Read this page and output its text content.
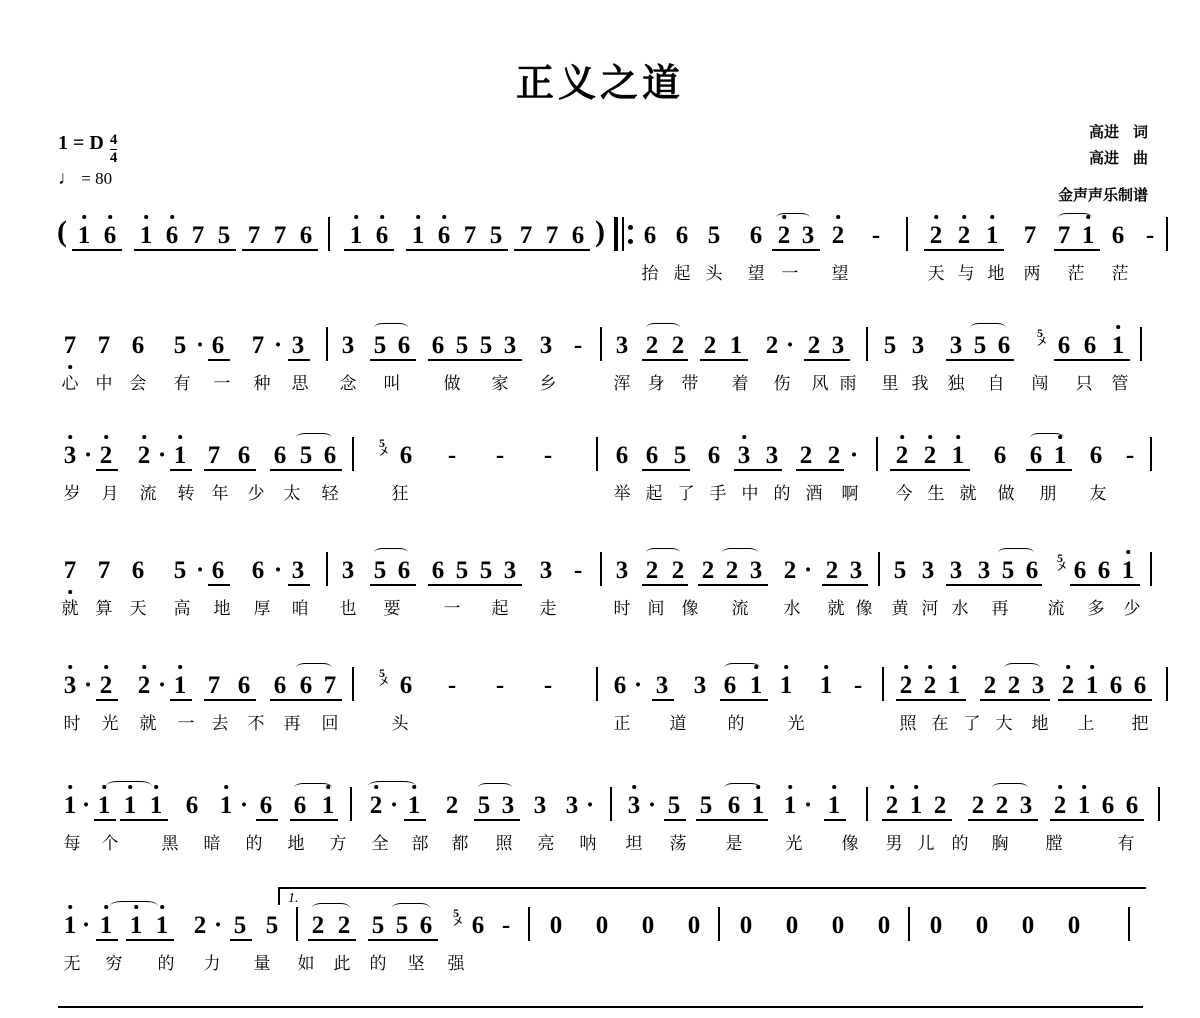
正义之道
1 = D $\frac{4}{4}$
♩ = 80
高进 词
高进 曲
金声声乐制谱
( 1 6 1 6 7 5 7 7 6 1 6 1 6 7 5 7 7 6 ) 6 6 5 6 2 3 2 - 2 2 1 7 7 1 6 -
抬 起 头 望 一 望	天 与 地 两 茫 茫
7 7 6 5 · 6 7 · 3 3 5 6 6 5 5 3 3 - 3 2 2 2 1 2 · 2 3 5 3 3 5 6 5
〤 6 6 1
心 中 会 有 一 种 思 念 叫	做 家 乡	浑 身 带 着 伤 风 雨 里 我 独 自 闯 只 管
3 · 2 2 · 1 7 6 6 5 6	5
〤 6 - - -	6 6 5 6 3 3 2 2 · 2 2 1 6 6 1 6 -
岁 月 流 转 年 少 太 轻	狂	举 起 了 手 中 的 酒 啊 今 生 就 做 朋 友
7 7 6 5 · 6 6 · 3 3 5 6 6 5 5 3 3 - 3 2 2 2 2 3 2 · 2 3 5 3 3 3 5 6 5
〤 6 6 1
就 算 天 高 地 厚 咱 也 要	一 起 走	时 间 像 流 水 就 像 黄 河 水 再 流 多 少
3 · 2 2 · 1 7 6 6 6 7	5
〤 6 - - - 6 · 3 3 6 1 1 1 - 2 2 1 2 2 3 2 1 6 6
时 光 就 一 去 不 再 回	头	正 道 的	光	照 在 了 大 地 上 把
1 · 1 1 1 6 1 · 6 6 1 2 · 1 2 5 3 3 3 · 3 · 5 5 6 1 1 · 1 2 1 2 2 2 3 2 1 6 6
每 个	黑 暗 的 地 方 全 部 都 照 亮 呐 坦 荡 是	光 像 男 儿 的 胸 膛	有
1.
1 · 1 1 1 2 · 5 5 2 2 5 5 6 5
〤 6 - 0 0 0 0 0 0 0 0 0 0 0 0
无 穷 的 力 量 如 此 的 坚 强
